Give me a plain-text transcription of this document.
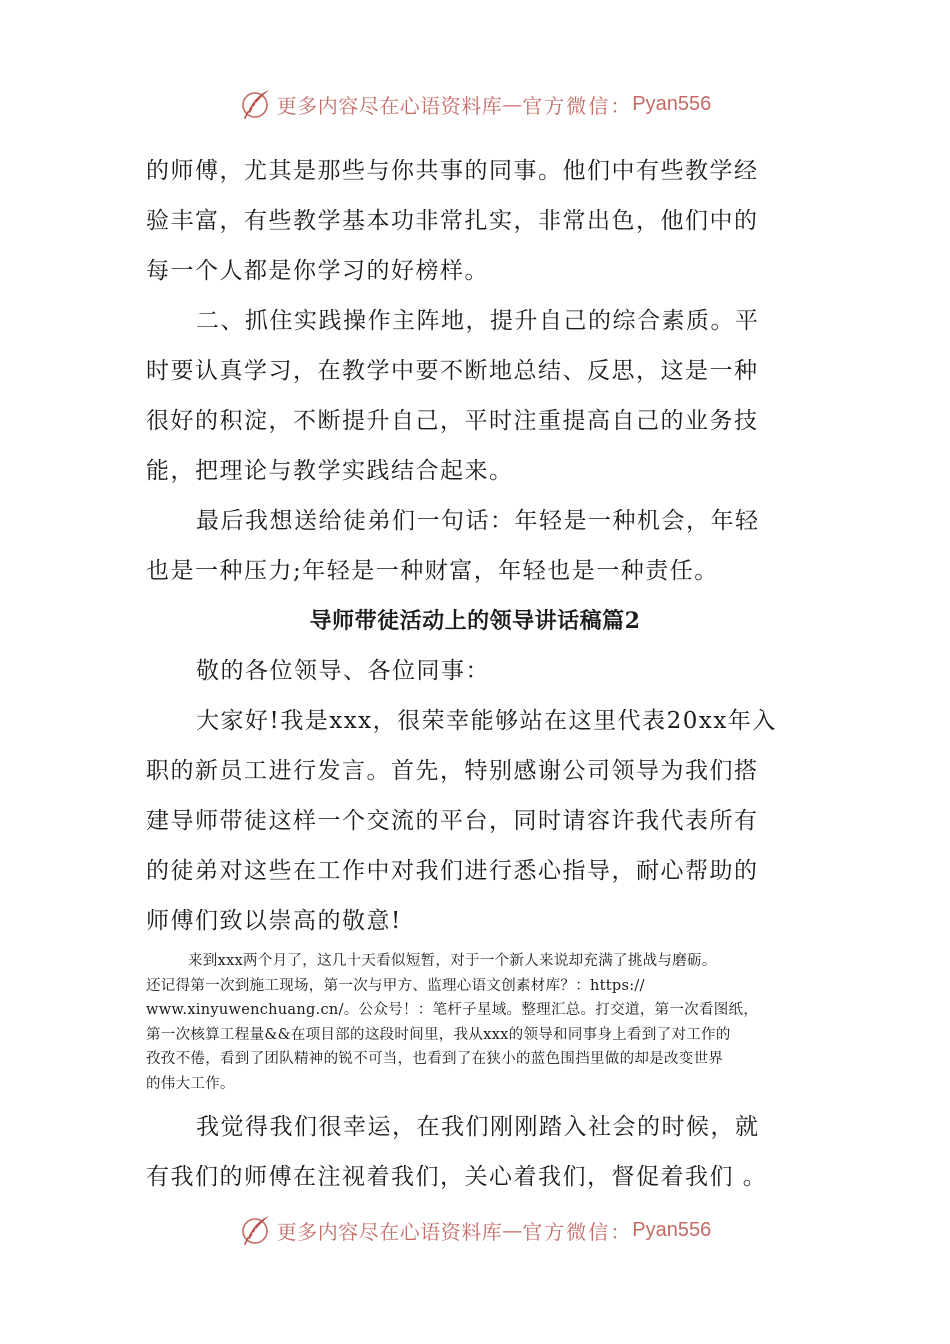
更多内容尽在心语资料库 — 官方微信： Pyan556

的师傅，尤其是那些与你共事的同事。他们中有些教学经
验丰富，有些教学基本功非常扎实，非常出色，他们中的
每一个人都是你学习的好榜样。

二、抓住实践操作主阵地，提升自己的综合素质。平
时要认真学习，在教学中要不断地总结、反思，这是一种
很好的积淀，不断提升自己，平时注重提高自己的业务技
能，把理论与教学实践结合起来。

最后我想送给徒弟们一句话：年轻是一种机会，年轻
也是一种压力;年轻是一种财富，年轻也是一种责任。

导师带徒活动上的领导讲话稿篇2

敬的各位领导、各位同事：

大家好!我是xxx，很荣幸能够站在这里代表20xx年入
职的新员工进行发言。首先，特别感谢公司领导为我们搭
建导师带徒这样一个交流的平台，同时请容许我代表所有
的徒弟对这些在工作中对我们进行悉心指导，耐心帮助的
师傅们致以崇高的敬意!

来到xxx两个月了，这几十天看似短暂，对于一个新人来说却充满了挑战与磨砺。
还记得第一次到施工现场，第一次与甲方、监理心语文创素材库？：https://
www.xinyuwenchuang.cn/。公众号！：笔杆子星域。整理汇总。打交道，第一次看图纸，
第一次核算工程量&&在项目部的这段时间里，我从xxx的领导和同事身上看到了对工作的
孜孜不倦，看到了团队精神的锐不可当，也看到了在狭小的蓝色围挡里做的却是改变世界
的伟大工作。

我觉得我们很幸运，在我们刚刚踏入社会的时候，就
有我们的师傅在注视着我们，关心着我们，督促着我们 。

更多内容尽在心语资料库 — 官方微信： Pyan556
